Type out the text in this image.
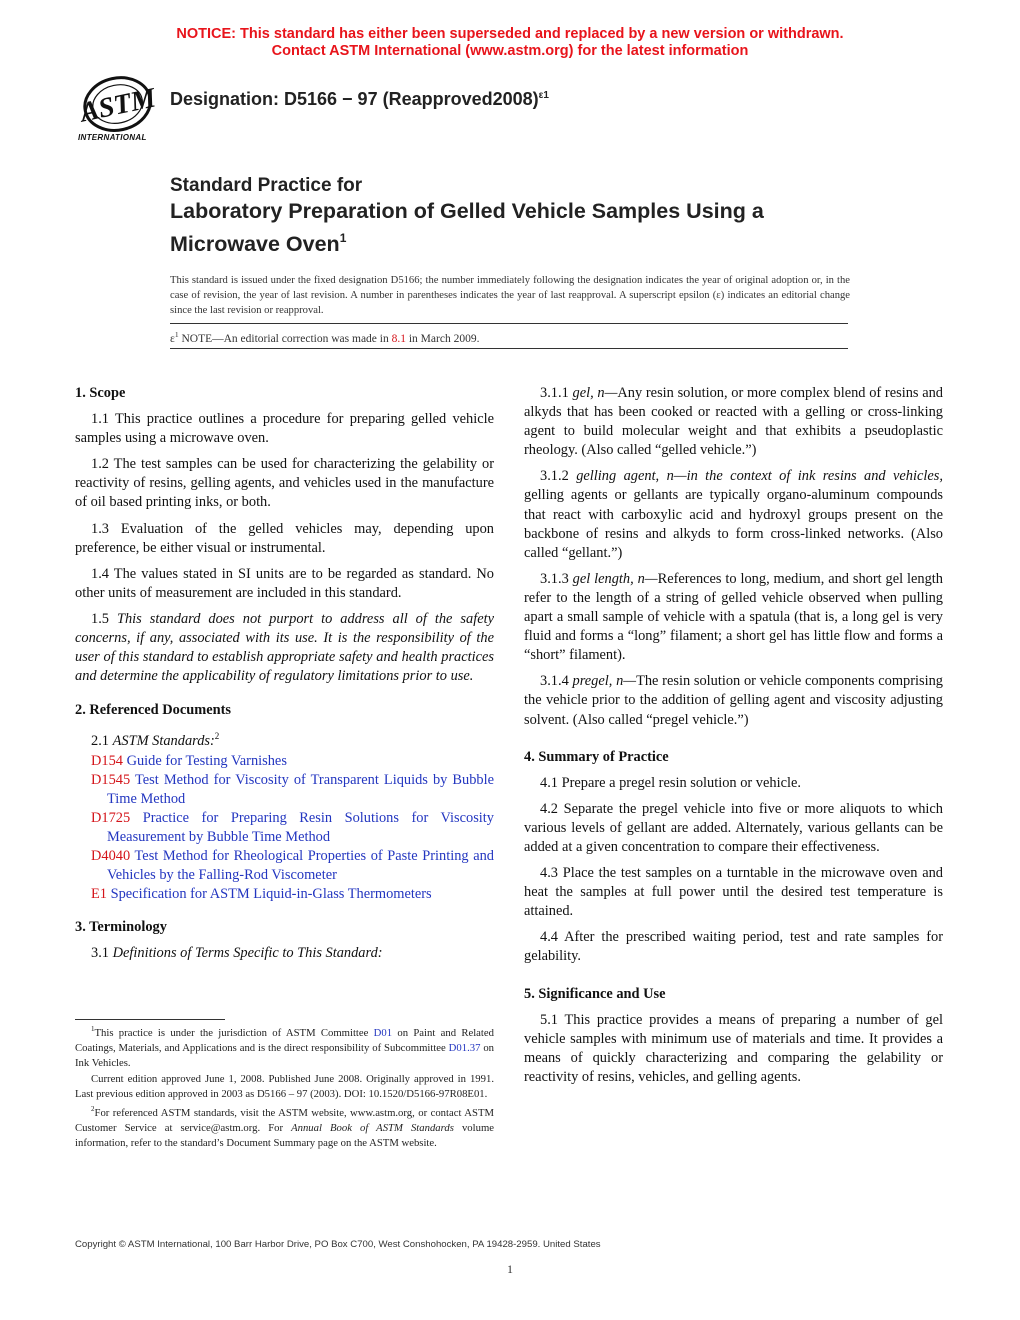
NOTICE: This standard has either been superseded and replaced by a new version or withdrawn.
Contact ASTM International (www.astm.org) for the latest information
ASTM
INTERNATIONAL
Designation: D5166 − 97 (Reapproved2008)$^{\varepsilon 1}$
Standard Practice for
Laboratory Preparation of Gelled Vehicle Samples Using a
Microwave Oven$^1$
This standard is issued under the fixed designation D5166; the number immediately following the designation indicates the year of original adoption or, in the case of revision, the year of last revision. A number in parentheses indicates the year of last reapproval. A superscript epsilon (ε) indicates an editorial change since the last revision or reapproval.
$\varepsilon^1$ NOTE—An editorial correction was made in 8.1 in March 2009.
1. Scope

1.1 This practice outlines a procedure for preparing gelled vehicle samples using a microwave oven.

1.2 The test samples can be used for characterizing the gelability or reactivity of resins, gelling agents, and vehicles used in the manufacture of oil based printing inks, or both.

1.3 Evaluation of the gelled vehicles may, depending upon preference, be either visual or instrumental.

1.4 The values stated in SI units are to be regarded as standard. No other units of measurement are included in this standard.

1.5 This standard does not purport to address all of the safety concerns, if any, associated with its use. It is the responsibility of the user of this standard to establish appropriate safety and health practices and determine the applicability of regulatory limitations prior to use.

2. Referenced Documents

2.1 ASTM Standards:$^2$

D154 Guide for Testing Varnishes
D1545 Test Method for Viscosity of Transparent Liquids by Bubble Time Method
D1725 Practice for Preparing Resin Solutions for Viscosity Measurement by Bubble Time Method
D4040 Test Method for Rheological Properties of Paste Printing and Vehicles by the Falling-Rod Viscometer
E1 Specification for ASTM Liquid-in-Glass Thermometers
3. Terminology

3.1 Definitions of Terms Specific to This Standard:

3.1.1 gel, n—Any resin solution, or more complex blend of resins and alkyds that has been cooked or reacted with a gelling or cross-linking agent to build molecular weight and that exhibits a pseudoplastic rheology. (Also called “gelled vehicle.”)

3.1.2 gelling agent, n—in the context of ink resins and vehicles, gelling agents or gellants are typically organo-aluminum compounds that react with carboxylic acid and hydroxyl groups present on the backbone of resins and alkyds to form cross-linked networks. (Also called “gellant.”)

3.1.3 gel length, n—References to long, medium, and short gel length refer to the length of a string of gelled vehicle observed when pulling apart a small sample of vehicle with a spatula (that is, a long gel is very fluid and forms a “long” filament; a short gel has little flow and forms a “short” filament).

3.1.4 pregel, n—The resin solution or vehicle components comprising the vehicle prior to the addition of gelling agent and viscosity adjusting solvent. (Also called “pregel vehicle.”)

4. Summary of Practice

4.1 Prepare a pregel resin solution or vehicle.

4.2 Separate the pregel vehicle into five or more aliquots to which various levels of gellant are added. Alternately, various gellants can be added at a given concentration to compare their effectiveness.

4.3 Place the test samples on a turntable in the microwave oven and heat the samples at full power until the desired test temperature is attained.

4.4 After the prescribed waiting period, test and rate samples for gelability.

5. Significance and Use

5.1 This practice provides a means of preparing a number of gel vehicle samples with minimum use of materials and time. It provides a means of quickly characterizing and comparing the gelability or reactivity of resins, vehicles, and gelling agents.

$^1$This practice is under the jurisdiction of ASTM Committee D01 on Paint and Related Coatings, Materials, and Applications and is the direct responsibility of Subcommittee D01.37 on Ink Vehicles.

Current edition approved June 1, 2008. Published June 2008. Originally approved in 1991. Last previous edition approved in 2003 as D5166 – 97 (2003). DOI: 10.1520/D5166-97R08E01.

$^2$For referenced ASTM standards, visit the ASTM website, www.astm.org, or contact ASTM Customer Service at service@astm.org. For Annual Book of ASTM Standards volume information, refer to the standard’s Document Summary page on the ASTM website.

Copyright © ASTM International, 100 Barr Harbor Drive, PO Box C700, West Conshohocken, PA 19428-2959. United States
1
